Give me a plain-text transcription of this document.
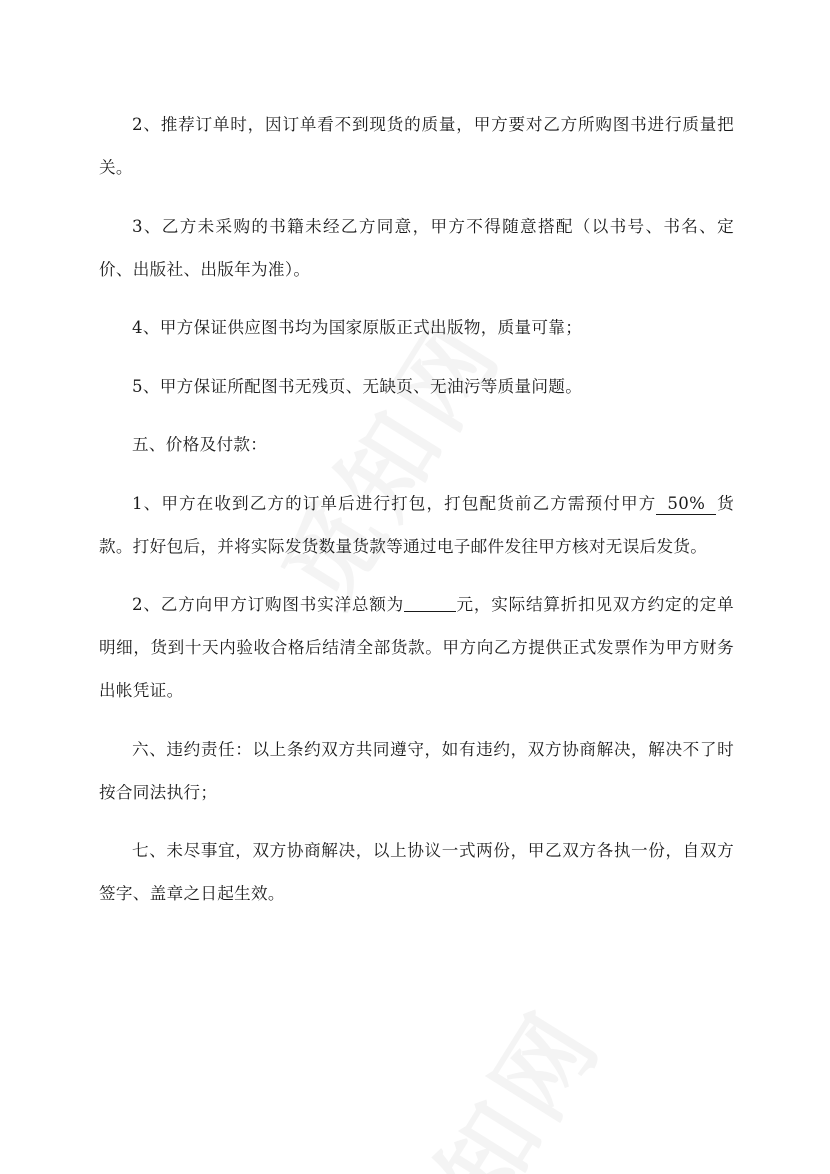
2、推荐订单时，因订单看不到现货的质量，甲方要对乙方所购图书进行质量把关。

3、乙方未采购的书籍未经乙方同意，甲方不得随意搭配（以书号、书名、定价、出版社、出版年为准）。

4、甲方保证供应图书均为国家原版正式出版物，质量可靠；

5、甲方保证所配图书无残页、无缺页、无油污等质量问题。

五、价格及付款：

1、甲方在收到乙方的订单后进行打包，打包配货前乙方需预付甲方 50% 货款。打好包后，并将实际发货数量货款等通过电子邮件发往甲方核对无误后发货。

2、乙方向甲方订购图书实洋总额为	元，实际结算折扣见双方约定的定单明细，货到十天内验收合格后结清全部货款。甲方向乙方提供正式发票作为甲方财务出帐凭证。

六、违约责任：以上条约双方共同遵守，如有违约，双方协商解决，解决不了时按合同法执行；

七、未尽事宜，双方协商解决，以上协议一式两份，甲乙双方各执一份，自双方签字、盖章之日起生效。
